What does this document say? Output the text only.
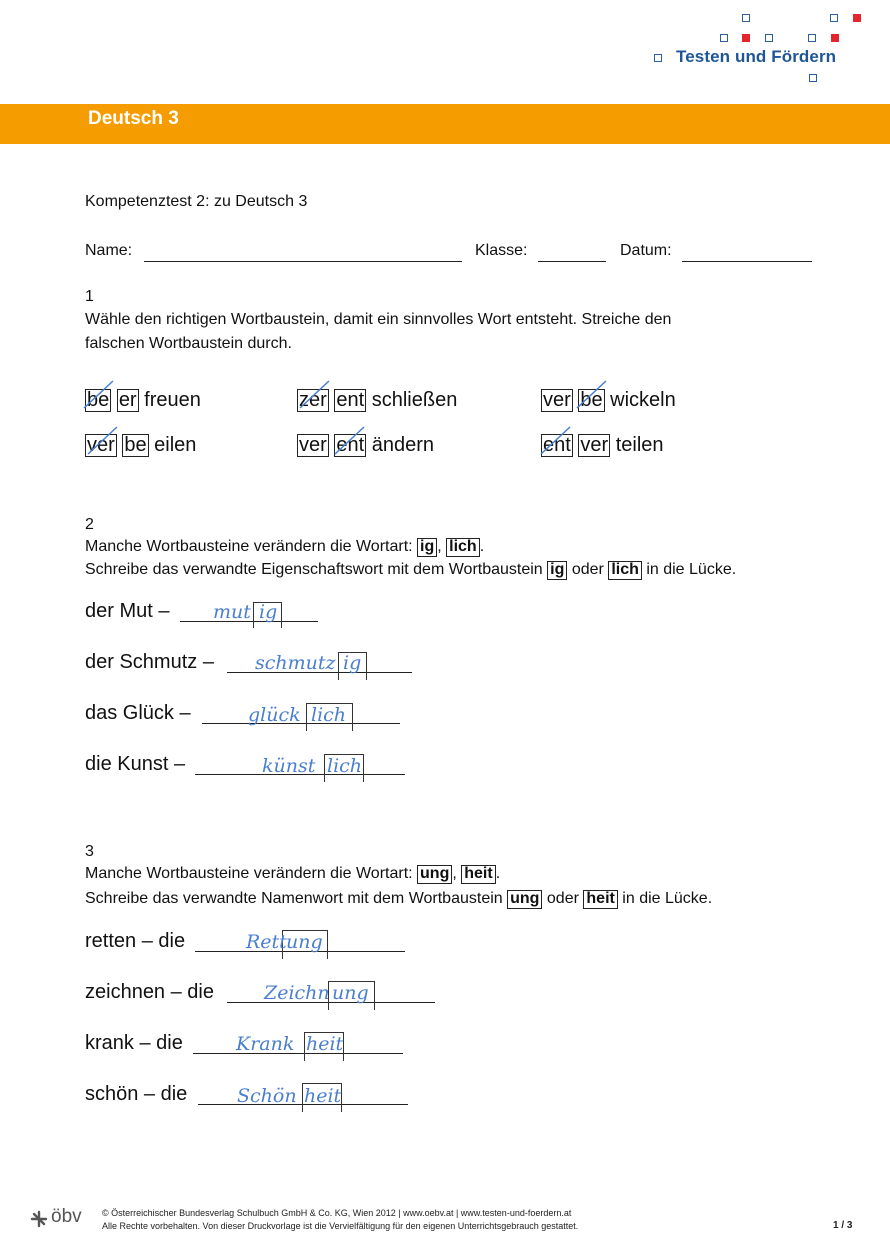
Testen und Fördern
Deutsch 3
Kompetenztest 2: zu Deutsch 3
Name:	Klasse:	Datum:
1
Wähle den richtigen Wortbaustein, damit ein sinnvolles Wort entsteht. Streiche den
falschen Wortbaustein durch.
be er freuen	zer ent schließen	ver be wickeln
ver be eilen	ver ent ändern	ent ver teilen
2
Manche Wortbausteine verändern die Wortart: ig , lich .
Schreibe das verwandte Eigenschaftswort mit dem Wortbaustein ig oder lich in die Lücke.
der Mut – mut ig
der Schmutz – schmutz ig
das Glück –	glück lich
die Kunst –	künst lich
3
Manche Wortbausteine verändern die Wortart: ung , heit .
Schreibe das verwandte Namenwort mit dem Wortbaustein ung oder heit in die Lücke.
retten – die	Rett ung
zeichnen – die	Zeichn ung
krank – die	Krank heit
schön – die	Schön heit
öbv © Österreichischer Bundesverlag Schulbuch GmbH & Co. KG, Wien 2012 | www.oebv.at | www.testen-und-foerdern.at
Alle Rechte vorbehalten. Von dieser Druckvorlage ist die Vervielfältigung für den eigenen Unterrichtsgebrauch gestattet.	1 / 3
